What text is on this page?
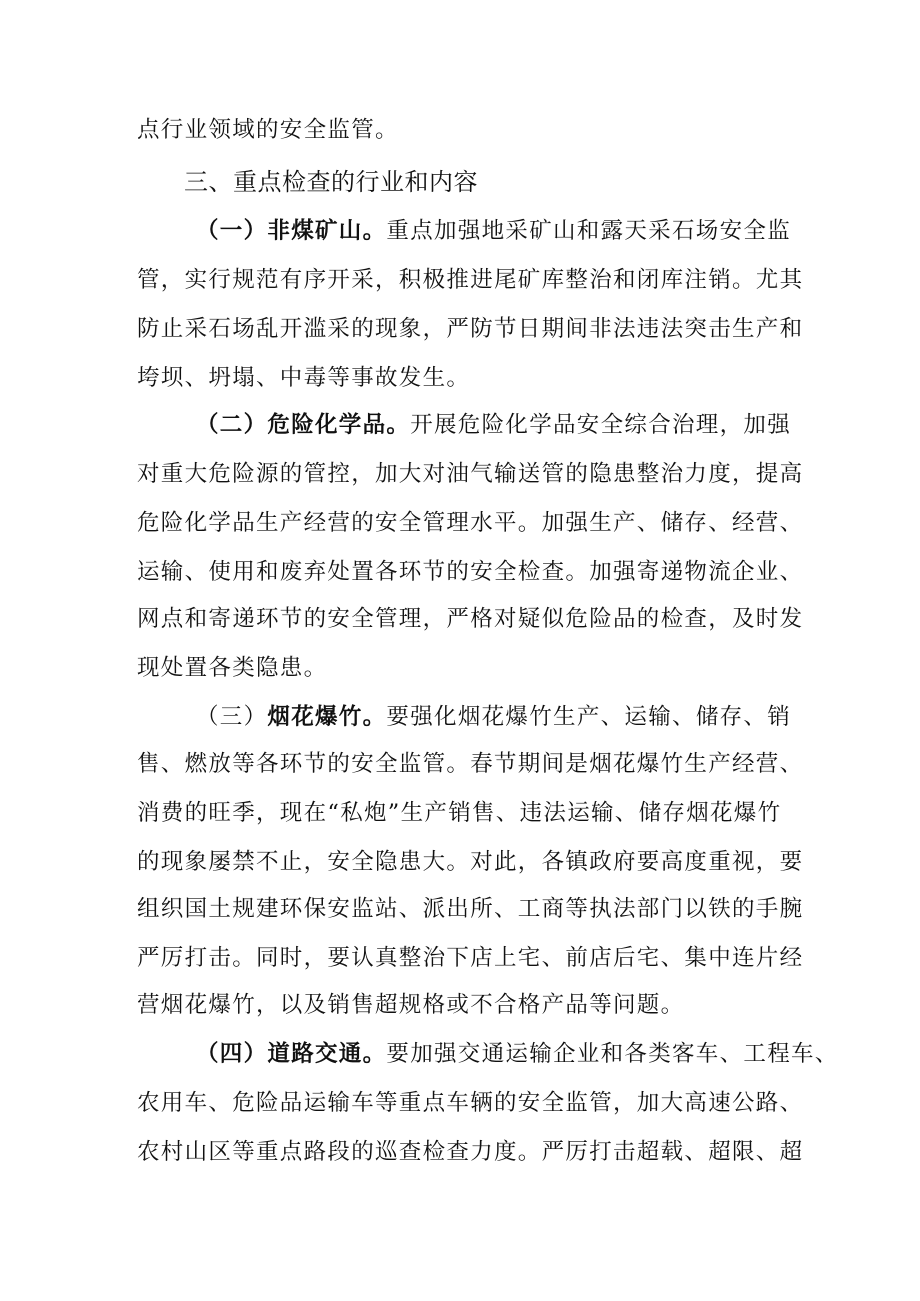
点行业领域的安全监管。
三、重点检查的行业和内容
（一）非煤矿山。重点加强地采矿山和露天采石场安全监
管，实行规范有序开采，积极推进尾矿库整治和闭库注销。尤其
防止采石场乱开滥采的现象，严防节日期间非法违法突击生产和
垮坝、坍塌、中毒等事故发生。
（二）危险化学品。开展危险化学品安全综合治理，加强
对重大危险源的管控，加大对油气输送管的隐患整治力度，提高
危险化学品生产经营的安全管理水平。加强生产、储存、经营、
运输、使用和废弃处置各环节的安全检查。加强寄递物流企业、
网点和寄递环节的安全管理，严格对疑似危险品的检查，及时发
现处置各类隐患。
（三）烟花爆竹。要强化烟花爆竹生产、运输、储存、销
售、燃放等各环节的安全监管。春节期间是烟花爆竹生产经营、
消费的旺季，现在“私炮”生产销售、违法运输、储存烟花爆竹
的现象屡禁不止，安全隐患大。对此，各镇政府要高度重视，要
组织国土规建环保安监站、派出所、工商等执法部门以铁的手腕
严厉打击。同时，要认真整治下店上宅、前店后宅、集中连片经
营烟花爆竹，以及销售超规格或不合格产品等问题。
（四）道路交通。要加强交通运输企业和各类客车、工程车、
农用车、危险品运输车等重点车辆的安全监管，加大高速公路、
农村山区等重点路段的巡查检查力度。严厉打击超载、超限、超
